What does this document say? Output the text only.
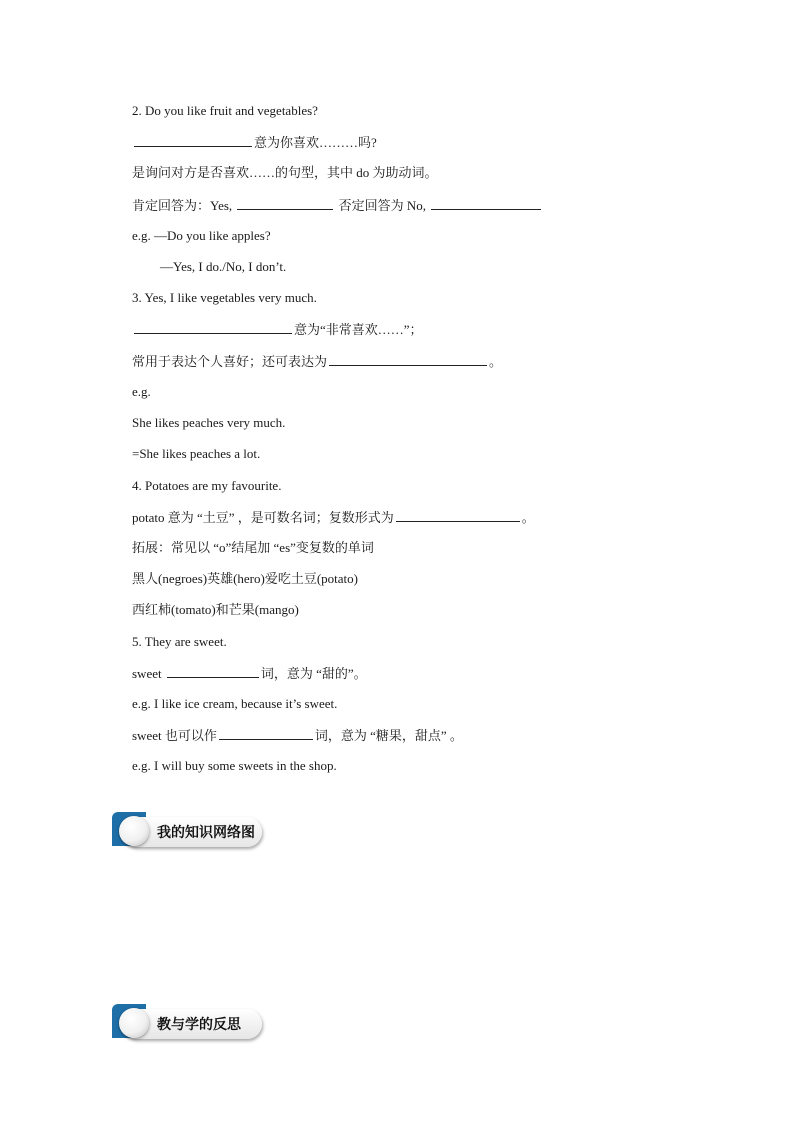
2. Do you like fruit and vegetables?
意为你喜欢………吗?
是询问对方是否喜欢……的句型，其中 do 为助动词。
肯定回答为：Yes,	否定回答为 No,
e.g. —Do you like apples?
—Yes, I do./No, I don’t.
3. Yes, I like vegetables very much.
意为“非常喜欢……”；
常用于表达个人喜好；还可表达为	。
e.g.
She likes peaches very much.
=She likes peaches a lot.
4. Potatoes are my favourite.
potato 意为 “土豆” ，是可数名词；复数形式为	。
拓展：常见以 “o”结尾加 “es”变复数的单词
黑人(negroes)英雄(hero)爱吃土豆(potato)
西红柿(tomato)和芒果(mango)
5. They are sweet.
sweet	词，意为 “甜的”。
e.g. I like ice cream, because it’s sweet.
sweet 也可以作	词，意为 “糖果，甜点” 。
e.g. I will buy some sweets in the shop.
我的知识网络图
教与学的反思
